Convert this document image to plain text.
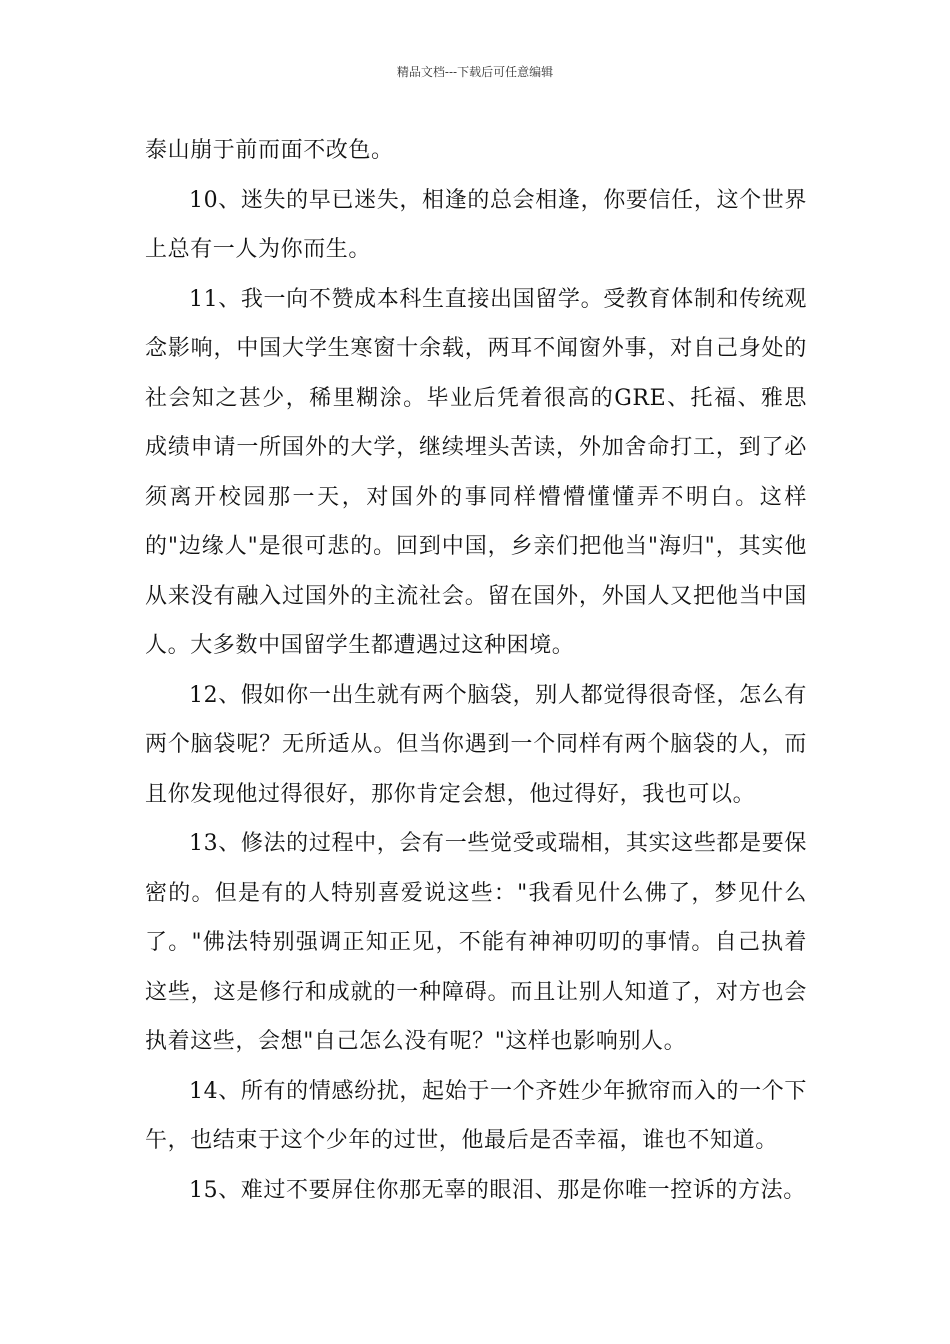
精品文档---下载后可任意编辑

泰山崩于前而面不改色。

10、迷失的早已迷失，相逢的总会相逢，你要信任，这个世界上总有一人为你而生。

11、我一向不赞成本科生直接出国留学。受教育体制和传统观念影响，中国大学生寒窗十余载，两耳不闻窗外事，对自己身处的社会知之甚少，稀里糊涂。毕业后凭着很高的GRE、托福、雅思成绩申请一所国外的大学，继续埋头苦读，外加舍命打工，到了必须离开校园那一天，对国外的事同样懵懵懂懂弄不明白。这样的"边缘人"是很可悲的。回到中国，乡亲们把他当"海归"，其实他从来没有融入过国外的主流社会。留在国外，外国人又把他当中国人。大多数中国留学生都遭遇过这种困境。

12、假如你一出生就有两个脑袋，别人都觉得很奇怪，怎么有两个脑袋呢？无所适从。但当你遇到一个同样有两个脑袋的人，而且你发现他过得很好，那你肯定会想，他过得好，我也可以。

13、修法的过程中，会有一些觉受或瑞相，其实这些都是要保密的。但是有的人特别喜爱说这些："我看见什么佛了，梦见什么了。"佛法特别强调正知正见，不能有神神叨叨的事情。自己执着这些，这是修行和成就的一种障碍。而且让别人知道了，对方也会执着这些，会想"自己怎么没有呢？"这样也影响别人。

14、所有的情感纷扰，起始于一个齐姓少年掀帘而入的一个下午，也结束于这个少年的过世，他最后是否幸福，谁也不知道。

15、难过不要屏住你那无辜的眼泪、那是你唯一控诉的方法。
